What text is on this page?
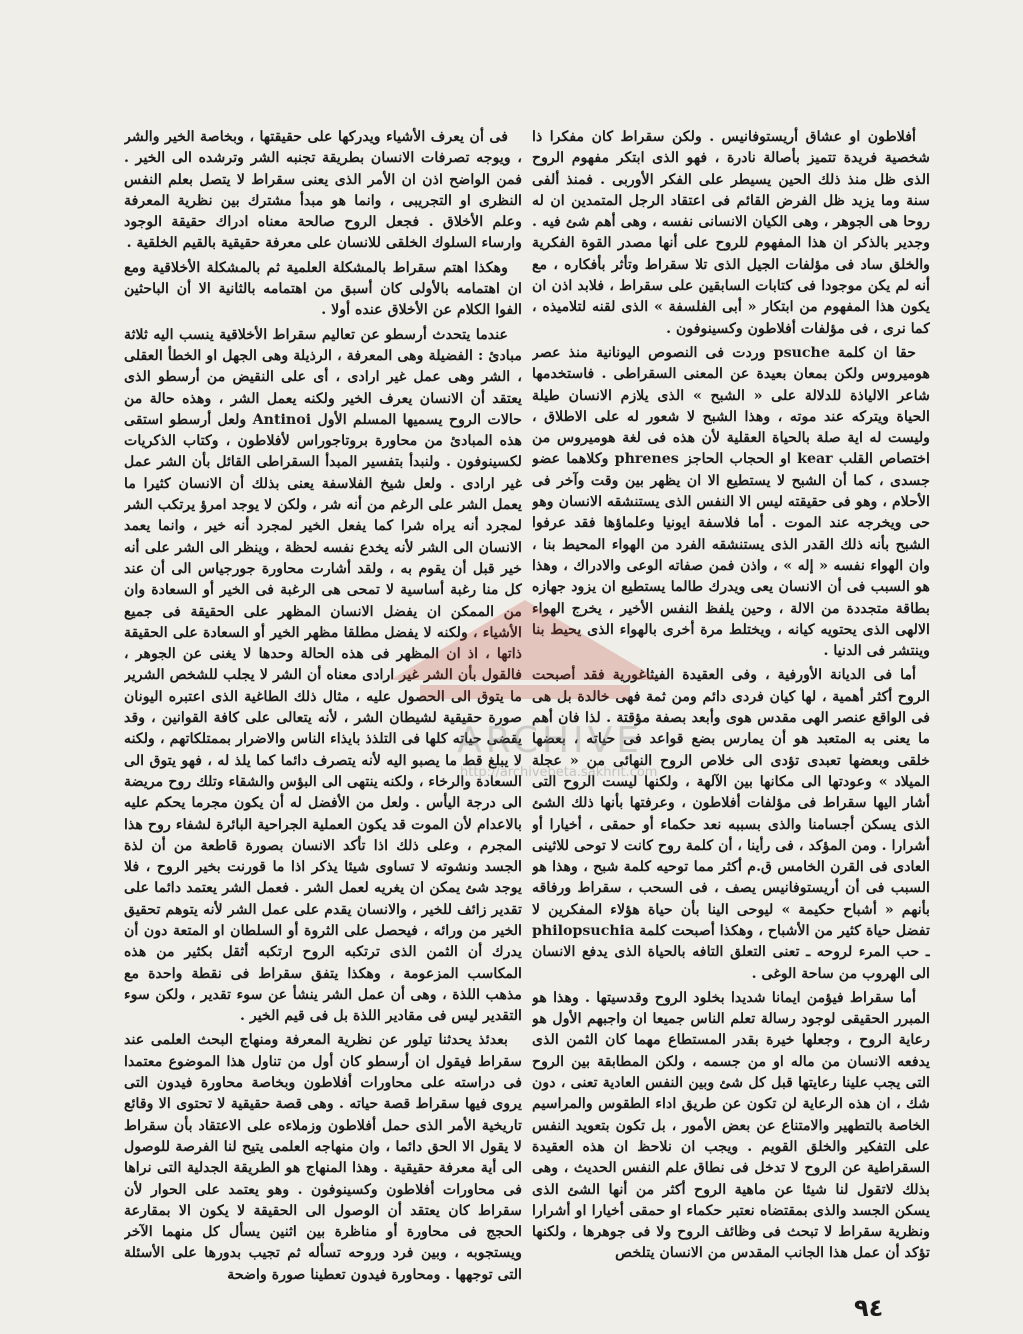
أفلاطون او عشاق أريستوفانيس . ولكن سقراط كان مفكرا ذا شخصية فريدة تتميز بأصالة نادرة ، فهو الذى ابتكر مفهوم الروح الذى ظل منذ ذلك الحين يسيطر على الفكر الأوربى . فمنذ ألفى سنة وما يزيد ظل الفرض القائم فى اعتقاد الرجل المتمدين ان له روحا هى الجوهر ، وهى الكيان الانسانى نفسه ، وهى أهم شئ فيه . وجدير بالذكر ان هذا المفهوم للروح على أنها مصدر القوة الفكرية والخلق ساد فى مؤلفات الجيل الذى تلا سقراط وتأثر بأفكاره ، مع أنه لم يكن موجودا فى كتابات السابقين على سقراط ، فلابد اذن ان يكون هذا المفهوم من ابتكار « أبى الفلسفة » الذى لقنه لتلاميذه ، كما نرى ، فى مؤلفات أفلاطون وكسينوفون .

حقا ان كلمة ‎psuche‎ وردت فى النصوص اليونانية منذ عصر هوميروس ولكن بمعان بعيدة عن المعنى السقراطى . فاستخدمها شاعر الالياذة للدلالة على « الشبح » الذى يلازم الانسان طيلة الحياة ويتركه عند موته ، وهذا الشبح لا شعور له على الاطلاق ، وليست له اية صلة بالحياة العقلية لأن هذه فى لغة هوميروس من اختصاص القلب ‎kear‎ او الحجاب الحاجز ‎phrenes‎ وكلاهما عضو جسدى ، كما أن الشبح لا يستطيع الا ان يظهر بين وقت وآخر فى الأحلام ، وهو فى حقيقته ليس الا النفس الذى يستنشقه الانسان وهو حى ويخرجه عند الموت . أما فلاسفة ايونيا وعلماؤها فقد عرفوا الشبح بأنه ذلك القدر الذى يستنشقه الفرد من الهواء المحيط بنا ، وان الهواء نفسه « إله » ، واذن فمن صفاته الوعى والادراك ، وهذا هو السبب فى أن الانسان يعى ويدرك طالما يستطيع ان يزود جهازه بطاقة متجددة من الالة ، وحين يلفظ النفس الأخير ، يخرج الهواء الالهى الذى يحتويه كيانه ، ويختلط مرة أخرى بالهواء الذى يحيط بنا وينتشر فى الدنيا .

أما فى الديانة الأورفية ، وفى العقيدة الفيثاغورية فقد أصبحت الروح أكثر أهمية ، لها كيان فردى دائم ومن ثمة فهى خالدة بل هى فى الواقع عنصر الهى مقدس هوى وأبعد بصفة مؤقتة . لذا فان أهم ما يعنى به المتعبد هو أن يمارس بضع قواعد فى حياته ، بعضها خلقى وبعضها تعبدى تؤدى الى خلاص الروح النهائى من « عجلة الميلاد » وعودتها الى مكانها بين الآلهة ، ولكنها ليست الروح التى أشار اليها سقراط فى مؤلفات أفلاطون ، وعرفتها بأنها ذلك الشئ الذى يسكن أجسامنا والذى بسببه نعد حكماء أو حمقى ، أخيارا أو أشرارا . ومن المؤكد ، فى رأينا ، أن كلمة روح كانت لا توحى للاثينى العادى فى القرن الخامس ق.م أكثر مما توحيه كلمة شبح ، وهذا هو السبب فى أن أريستوفانيس يصف ، فى السحب ، سقراط ورفاقه بأنهم « أشباح حكيمة » ليوحى الينا بأن حياة هؤلاء المفكرين لا تفضل حياة كثير من الأشباح ، وهكذا أصبحت كلمة ‎philopsuchia‎ ـ حب المرء لروحه ـ تعنى التعلق التافه بالحياة الذى يدفع الانسان الى الهروب من ساحة الوغى .

أما سقراط فيؤمن ايمانا شديدا بخلود الروح وقدسيتها . وهذا هو المبرر الحقيقى لوجود رسالة تعلم الناس جميعا ان واجبهم الأول هو رعاية الروح ، وجعلها خيرة بقدر المستطاع مهما كان الثمن الذى يدفعه الانسان من ماله او من جسمه ، ولكن المطابقة بين الروح التى يجب علينا رعايتها قبل كل شئ وبين النفس العادية تعنى ، دون شك ، ان هذه الرعاية لن تكون عن طريق اداء الطقوس والمراسيم الخاصة بالتطهير والامتناع عن بعض الأمور ، بل تكون بتعويد النفس على التفكير والخلق القويم . ويجب ان نلاحظ ان هذه العقيدة السقراطية عن الروح لا تدخل فى نطاق علم النفس الحديث ، وهى بذلك لاتقول لنا شيئا عن ماهية الروح أكثر من أنها الشئ الذى يسكن الجسد والذى بمقتضاه نعتبر حكماء او حمقى أخيارا او أشرارا ونظرية سقراط لا تبحث فى وظائف الروح ولا فى جوهرها ، ولكنها تؤكد أن عمل هذا الجانب المقدس من الانسان يتلخص

فى أن يعرف الأشياء ويدركها على حقيقتها ، وبخاصة الخير والشر ، ويوجه تصرفات الانسان بطريقة تجنبه الشر وترشده الى الخير . فمن الواضح اذن ان الأمر الذى يعنى سقراط لا يتصل بعلم النفس النظرى او التجريبى ، وانما هو مبدأ مشترك بين نظرية المعرفة وعلم الأخلاق . فجعل الروح صالحة معناه ادراك حقيقة الوجود وارساء السلوك الخلقى للانسان على معرفة حقيقية بالقيم الخلقية .

وهكذا اهتم سقراط بالمشكلة العلمية ثم بالمشكلة الأخلاقية ومع ان اهتمامه بالأولى كان أسبق من اهتمامه بالثانية الا أن الباحثين الفوا الكلام عن الأخلاق عنده أولا .

عندما يتحدث أرسطو عن تعاليم سقراط الأخلاقية ينسب اليه ثلاثة مبادئ : الفضيلة وهى المعرفة ، الرذيلة وهى الجهل او الخطأ العقلى ، الشر وهى عمل غير ارادى ، أى على النقيض من أرسطو الذى يعتقد أن الانسان يعرف الخير ولكنه يعمل الشر ، وهذه حالة من حالات الروح يسميها المسلم الأول ‎Antinoi‎ ولعل أرسطو استقى هذه المبادئ من محاورة بروتاجوراس لأفلاطون ، وكتاب الذكريات لكسينوفون . ولنبدأ بتفسير المبدأ السقراطى القائل بأن الشر عمل غير ارادى . ولعل شيخ الفلاسفة يعنى بذلك أن الانسان كثيرا ما يعمل الشر على الرغم من أنه شر ، ولكن لا يوجد امرؤ يرتكب الشر لمجرد أنه يراه شرا كما يفعل الخير لمجرد أنه خير ، وانما يعمد الانسان الى الشر لأنه يخدع نفسه لحظة ، وينظر الى الشر على أنه خير قبل أن يقوم به ، ولقد أشارت محاورة جورجياس الى أن عند كل منا رغبة أساسية لا تمحى هى الرغبة فى الخير أو السعادة وان من الممكن ان يفضل الانسان المظهر على الحقيقة فى جميع الأشياء ، ولكنه لا يفضل مطلقا مظهر الخير أو السعادة على الحقيقة ذاتها ، اذ ان المظهر فى هذه الحالة وحدها لا يغنى عن الجوهر ، فالقول بأن الشر غير ارادى معناه أن الشر لا يجلب للشخص الشرير ما يتوق الى الحصول عليه ، مثال ذلك الطاغية الذى اعتبره اليونان صورة حقيقية لشيطان الشر ، لأنه يتعالى على كافة القوانين ، وقد يقضى حياته كلها فى التلذذ بايذاء الناس والاضرار بممتلكاتهم ، ولكنه لا يبلغ قط ما يصبو اليه لأنه يتصرف دائما كما يلذ له ، فهو يتوق الى السعادة والرخاء ، ولكنه ينتهى الى البؤس والشقاء وتلك روح مريضة الى درجة اليأس . ولعل من الأفضل له أن يكون مجرما يحكم عليه بالاعدام لأن الموت قد يكون العملية الجراحية البائرة لشفاء روح هذا المجرم ، وعلى ذلك اذا تأكد الانسان بصورة قاطعة من أن لذة الجسد ونشوته لا تساوى شيئا يذكر اذا ما قورنت بخير الروح ، فلا يوجد شئ يمكن ان يغريه لعمل الشر . فعمل الشر يعتمد دائما على تقدير زائف للخير ، والانسان يقدم على عمل الشر لأنه يتوهم تحقيق الخير من ورائه ، فيحصل على الثروة أو السلطان او المتعة دون أن يدرك أن الثمن الذى ترتكبه الروح ارتكبه أثقل بكثير من هذه المكاسب المزعومة ، وهكذا يتفق سقراط فى نقطة واحدة مع مذهب اللذة ، وهى أن عمل الشر ينشأ عن سوء تقدير ، ولكن سوء التقدير ليس فى مقادير اللذة بل فى قيم الخير .

بعدئذ يحدثنا تيلور عن نظرية المعرفة ومنهاج البحث العلمى عند سقراط فيقول ان أرسطو كان أول من تناول هذا الموضوع معتمدا فى دراسته على محاورات أفلاطون وبخاصة محاورة فيدون التى يروى فيها سقراط قصة حياته . وهى قصة حقيقية لا تحتوى الا وقائع تاريخية الأمر الذى حمل أفلاطون وزملاءه على الاعتقاد بأن سقراط لا يقول الا الحق دائما ، وان منهاجه العلمى يتيح لنا الفرصة للوصول الى أية معرفة حقيقية . وهذا المنهاج هو الطريقة الجدلية التى نراها فى محاورات أفلاطون وكسينوفون . وهو يعتمد على الحوار لأن سقراط كان يعتقد أن الوصول الى الحقيقة لا يكون الا بمقارعة الحجج فى محاورة أو مناظرة بين اثنين يسأل كل منهما الآخر ويستجوبه ، وبين فرد وروحه تسأله ثم تجيب بدورها على الأسئلة التى توجهها . ومحاورة فيدون تعطينا صورة واضحة

ARCHIVE
http://archivebeta.sakhrit.com
٩٤
